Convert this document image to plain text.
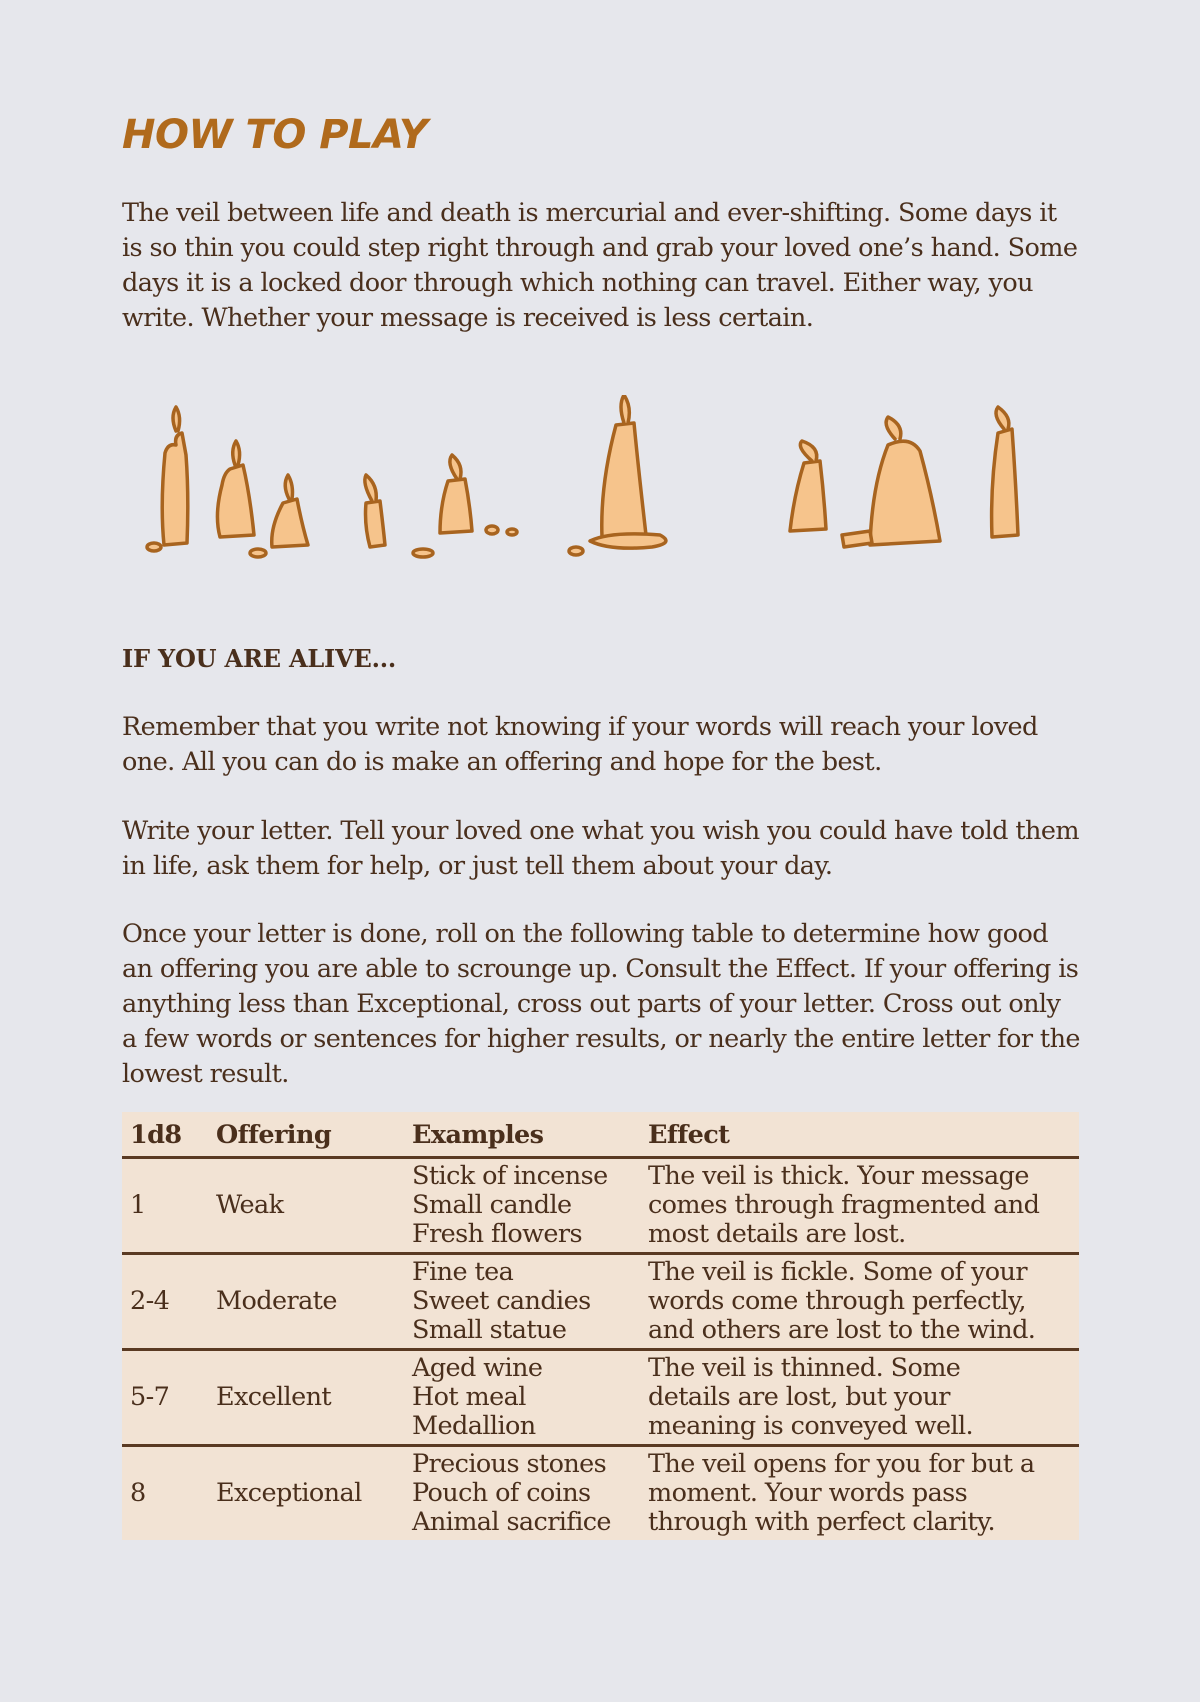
HOW TO PLAY

The veil between life and death is mercurial and ever-shifting. Some days it is so thin you could step right through and grab your loved one’s hand. Some days it is a locked door through which nothing can travel. Either way, you write. Whether your message is received is less certain.

IF YOU ARE ALIVE...

Remember that you write not knowing if your words will reach your loved one. All you can do is make an offering and hope for the best.

Write your letter. Tell your loved one what you wish you could have told them in life, ask them for help, or just tell them about your day.

Once your letter is done, roll on the following table to determine how good an offering you are able to scrounge up. Consult the Effect. If your offering is anything less than Exceptional, cross out parts of your letter. Cross out only a few words or sentences for higher results, or nearly the entire letter for the lowest result.

1d8	Offering	Examples	Effect
1	Weak	Stick of incense
Small candle
Fresh flowers	The veil is thick. Your message
comes through fragmented and
most details are lost.

2-4	Moderate	Fine tea
Sweet candies
Small statue	The veil is fickle. Some of your
words come through perfectly,
and others are lost to the wind.

5-7	Excellent	Aged wine
Hot meal
Medallion	The veil is thinned. Some
details are lost, but your
meaning is conveyed well.

8	Exceptional	Precious stones
Pouch of coins
Animal sacrifice	The veil opens for you for but a
moment. Your words pass
through with perfect clarity.
